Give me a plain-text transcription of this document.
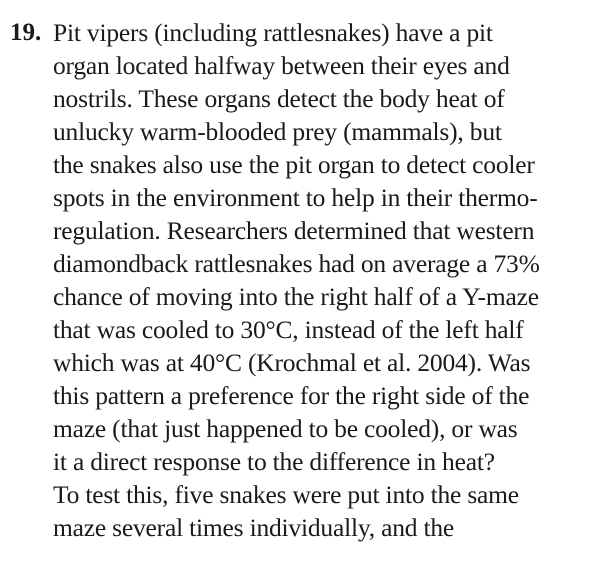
19. Pit vipers (including rattlesnakes) have a pit
organ located halfway between their eyes and
nostrils. These organs detect the body heat of
unlucky warm-blooded prey (mammals), but
the snakes also use the pit organ to detect cooler
spots in the environment to help in their thermo-
regulation. Researchers determined that western
diamondback rattlesnakes had on average a 73%
chance of moving into the right half of a Y-maze
that was cooled to 30°C, instead of the left half
which was at 40°C (Krochmal et al. 2004). Was
this pattern a preference for the right side of the
maze (that just happened to be cooled), or was
it a direct response to the difference in heat?
To test this, five snakes were put into the same
maze several times individually, and the
